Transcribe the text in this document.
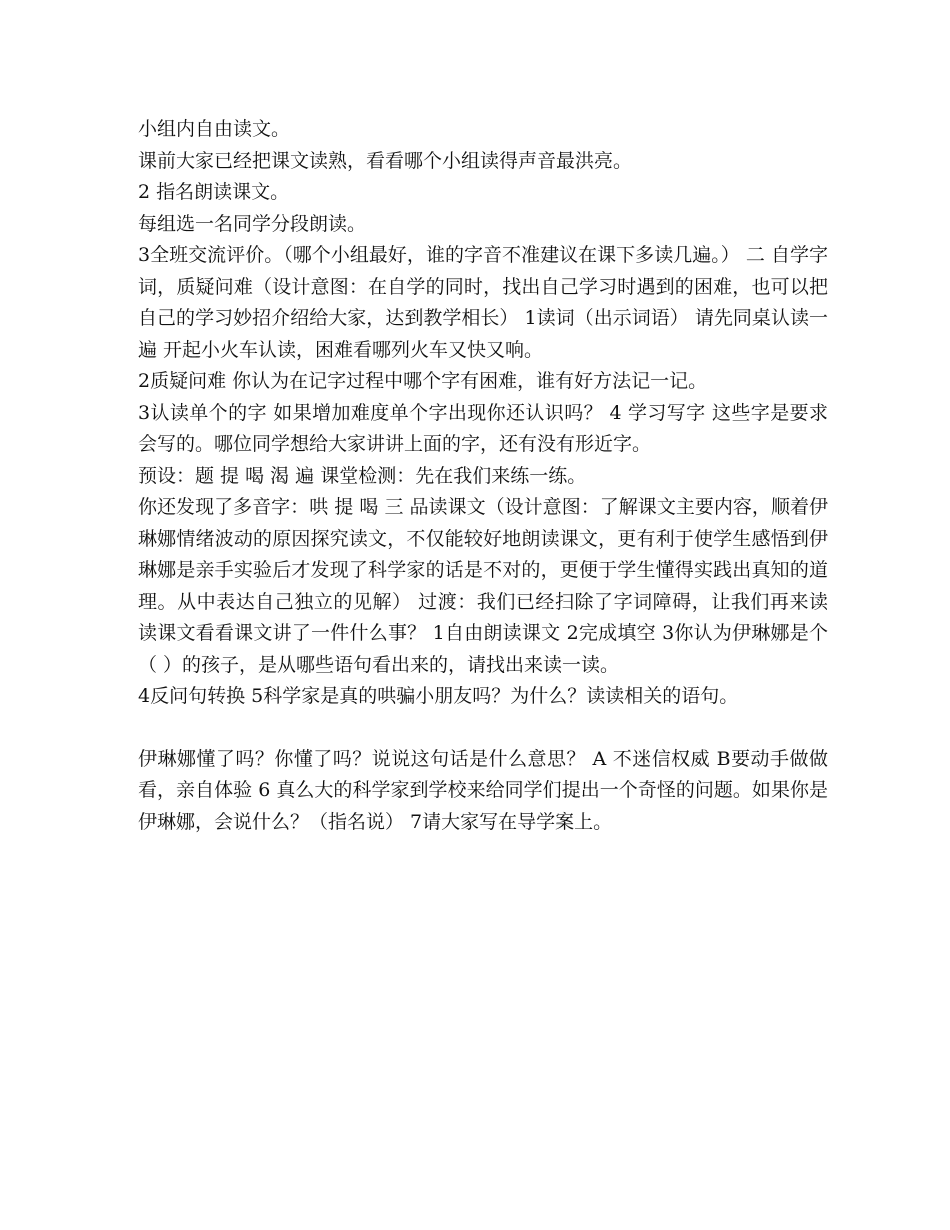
小组内自由读文。

课前大家已经把课文读熟，看看哪个小组读得声音最洪亮。

2 指名朗读课文。

每组选一名同学分段朗读。

3全班交流评价。（哪个小组最好，谁的字音不准建议在课下多读几遍。） 二 自学字词，质疑问难（设计意图：在自学的同时，找出自己学习时遇到的困难，也可以把自己的学习妙招介绍给大家，达到教学相长） 1读词（出示词语） 请先同桌认读一遍 开起小火车认读，困难看哪列火车又快又响。

2质疑问难 你认为在记字过程中哪个字有困难，谁有好方法记一记。

3认读单个的字 如果增加难度单个字出现你还认识吗？ 4 学习写字 这些字是要求会写的。哪位同学想给大家讲讲上面的字，还有没有形近字。

预设：题 提 喝 渴 遍 课堂检测：先在我们来练一练。

你还发现了多音字：哄 提 喝 三 品读课文（设计意图：了解课文主要内容，顺着伊琳娜情绪波动的原因探究读文，不仅能较好地朗读课文，更有利于使学生感悟到伊琳娜是亲手实验后才发现了科学家的话是不对的，更便于学生懂得实践出真知的道理。从中表达自己独立的见解） 过渡：我们已经扫除了字词障碍，让我们再来读读课文看看课文讲了一件什么事？ 1自由朗读课文 2完成填空 3你认为伊琳娜是个（ ）的孩子，是从哪些语句看出来的，请找出来读一读。

4反问句转换 5科学家是真的哄骗小朋友吗？为什么？读读相关的语句。

伊琳娜懂了吗？你懂了吗？说说这句话是什么意思？ A 不迷信权威 B要动手做做看，亲自体验 6 真么大的科学家到学校来给同学们提出一个奇怪的问题。如果你是伊琳娜，会说什么？（指名说） 7请大家写在导学案上。
